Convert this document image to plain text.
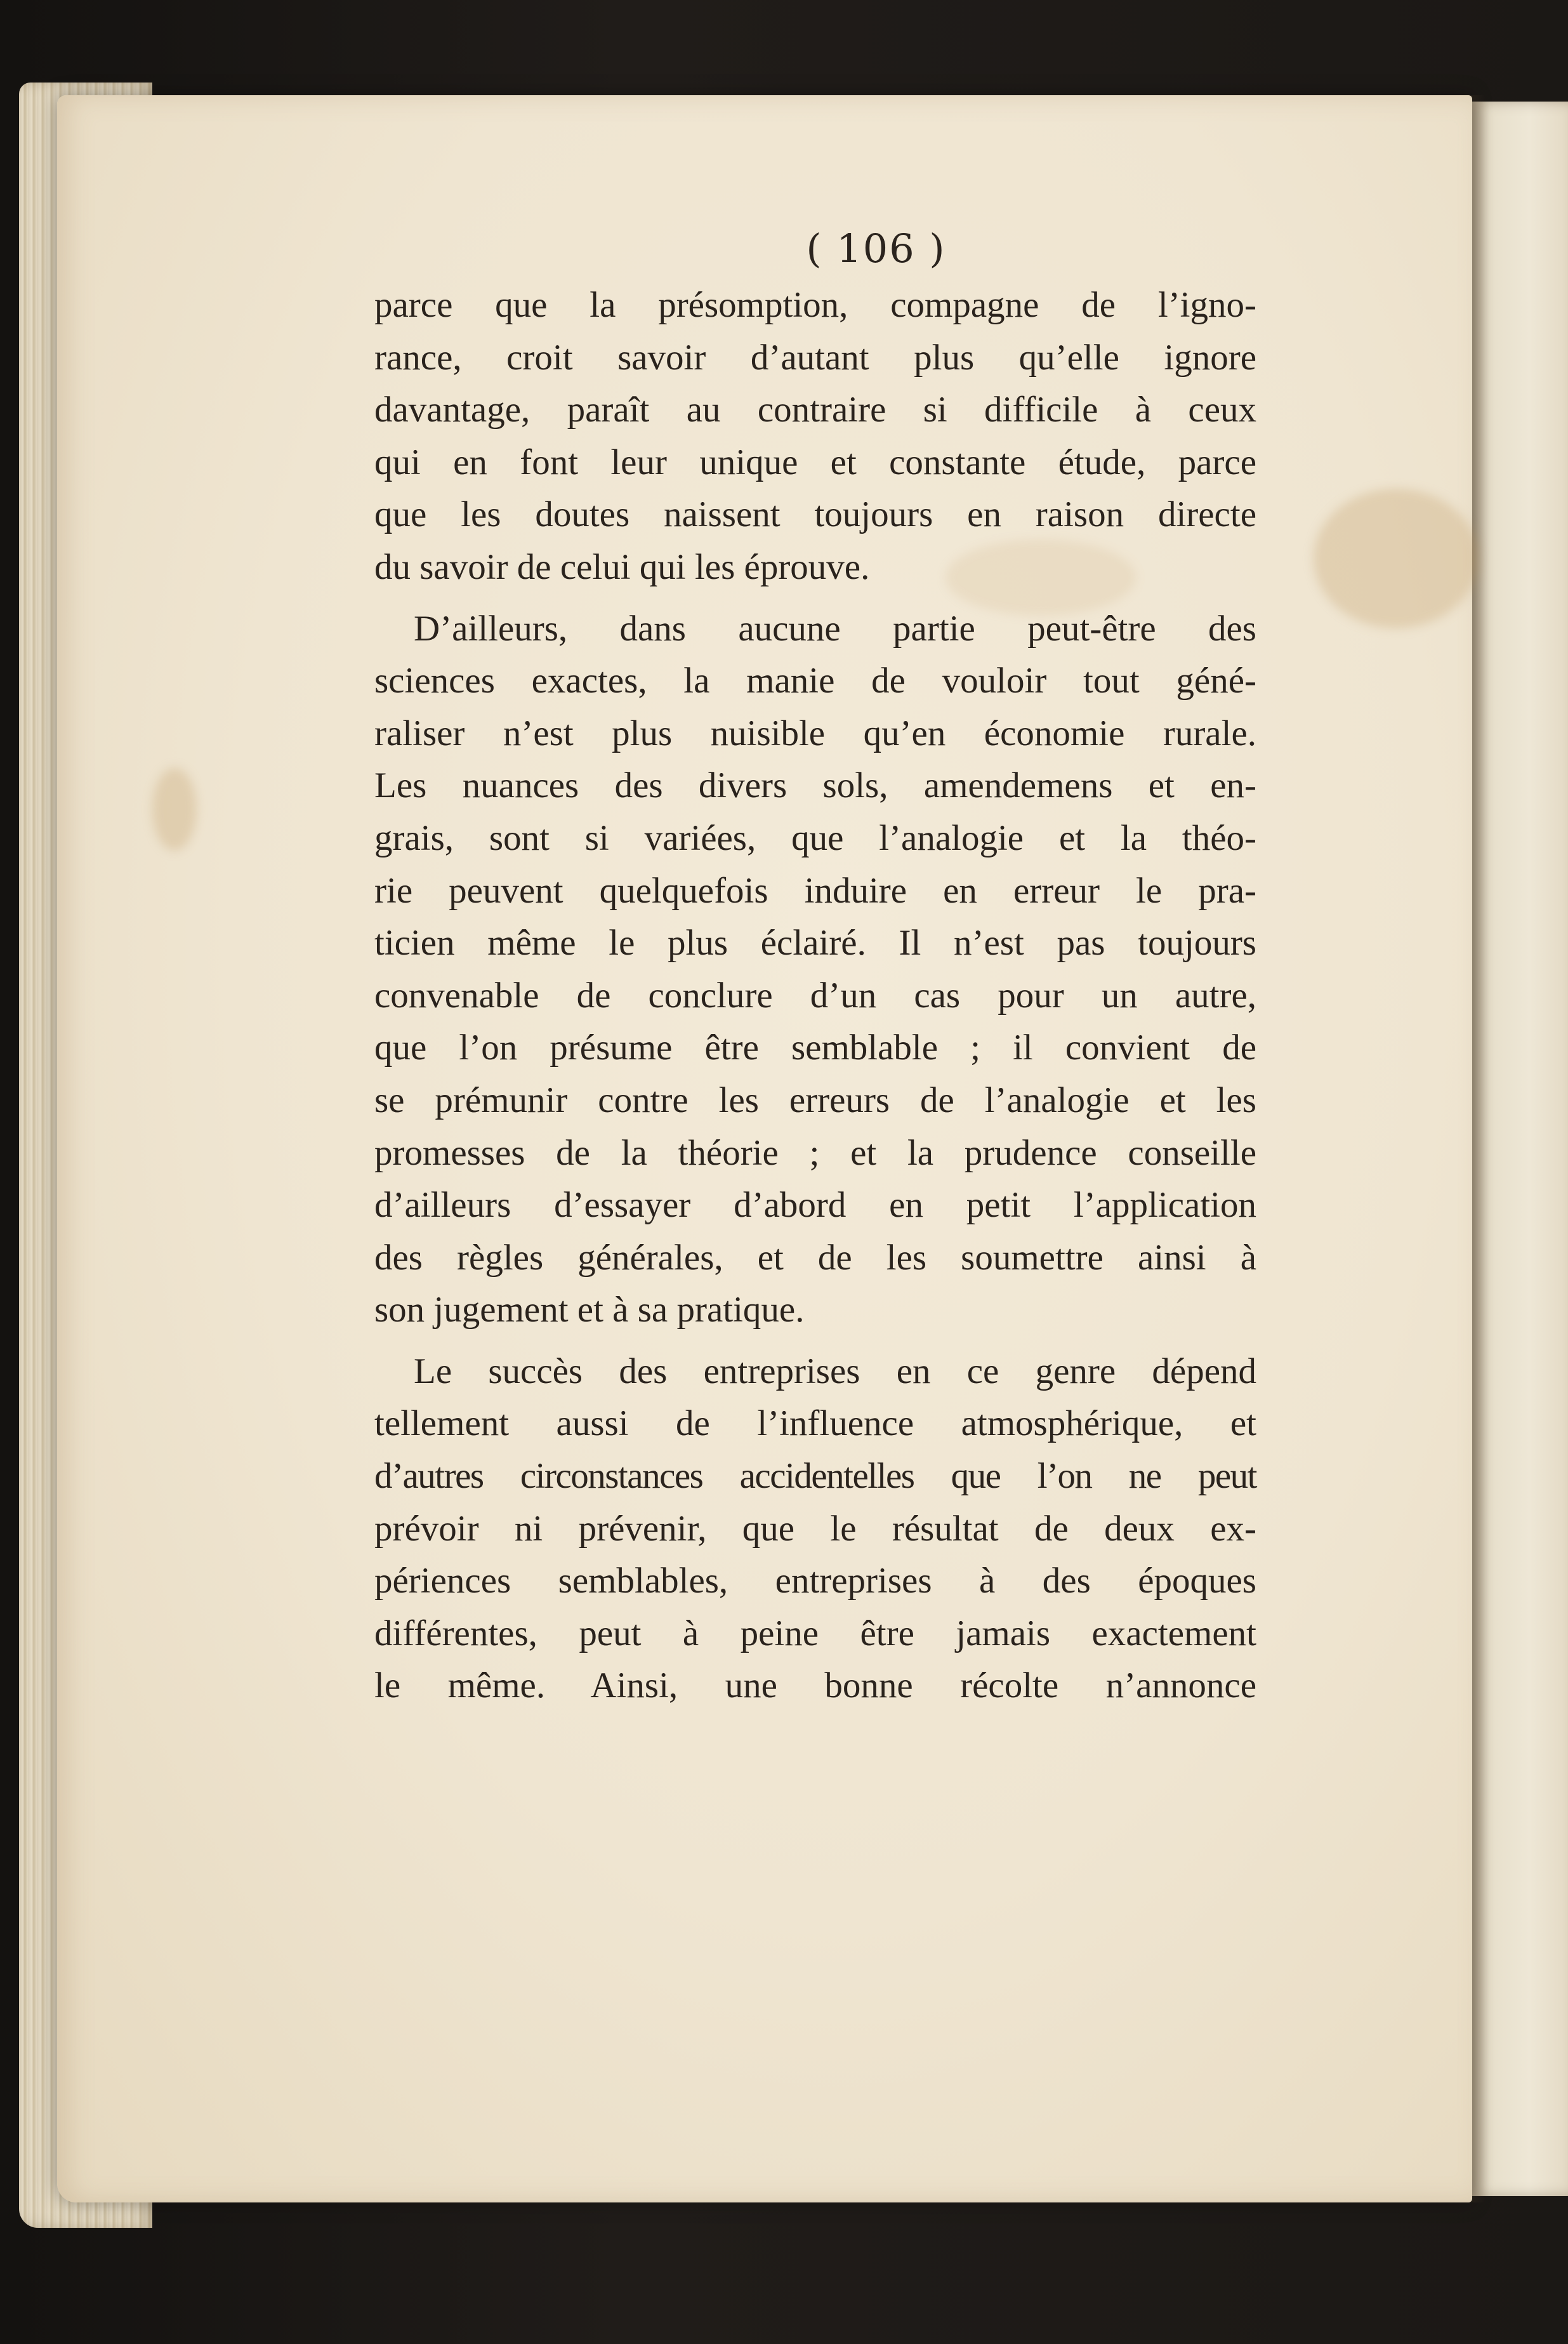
( 106 )

parce que la présomption, compagne de l’igno-
rance, croit savoir d’autant plus qu’elle ignore
davantage, paraît au contraire si difficile à ceux
qui en font leur unique et constante étude, parce
que les doutes naissent toujours en raison directe
du savoir de celui qui les éprouve.

D’ailleurs, dans aucune partie peut-être des
sciences exactes, la manie de vouloir tout géné-
raliser n’est plus nuisible qu’en économie rurale.
Les nuances des divers sols, amendemens et en-
grais, sont si variées, que l’analogie et la théo-
rie peuvent quelquefois induire en erreur le pra-
ticien même le plus éclairé. Il n’est pas toujours
convenable de conclure d’un cas pour un autre,
que l’on présume être semblable ; il convient de
se prémunir contre les erreurs de l’analogie et les
promesses de la théorie ; et la prudence conseille
d’ailleurs d’essayer d’abord en petit l’application
des règles générales, et de les soumettre ainsi à
son jugement et à sa pratique.

Le succès des entreprises en ce genre dépend
tellement aussi de l’influence atmosphérique, et
d’autres circonstances accidentelles que l’on ne peut
prévoir ni prévenir, que le résultat de deux ex-
périences semblables, entreprises à des époques
différentes, peut à peine être jamais exactement
le même. Ainsi, une bonne récolte n’annonce
